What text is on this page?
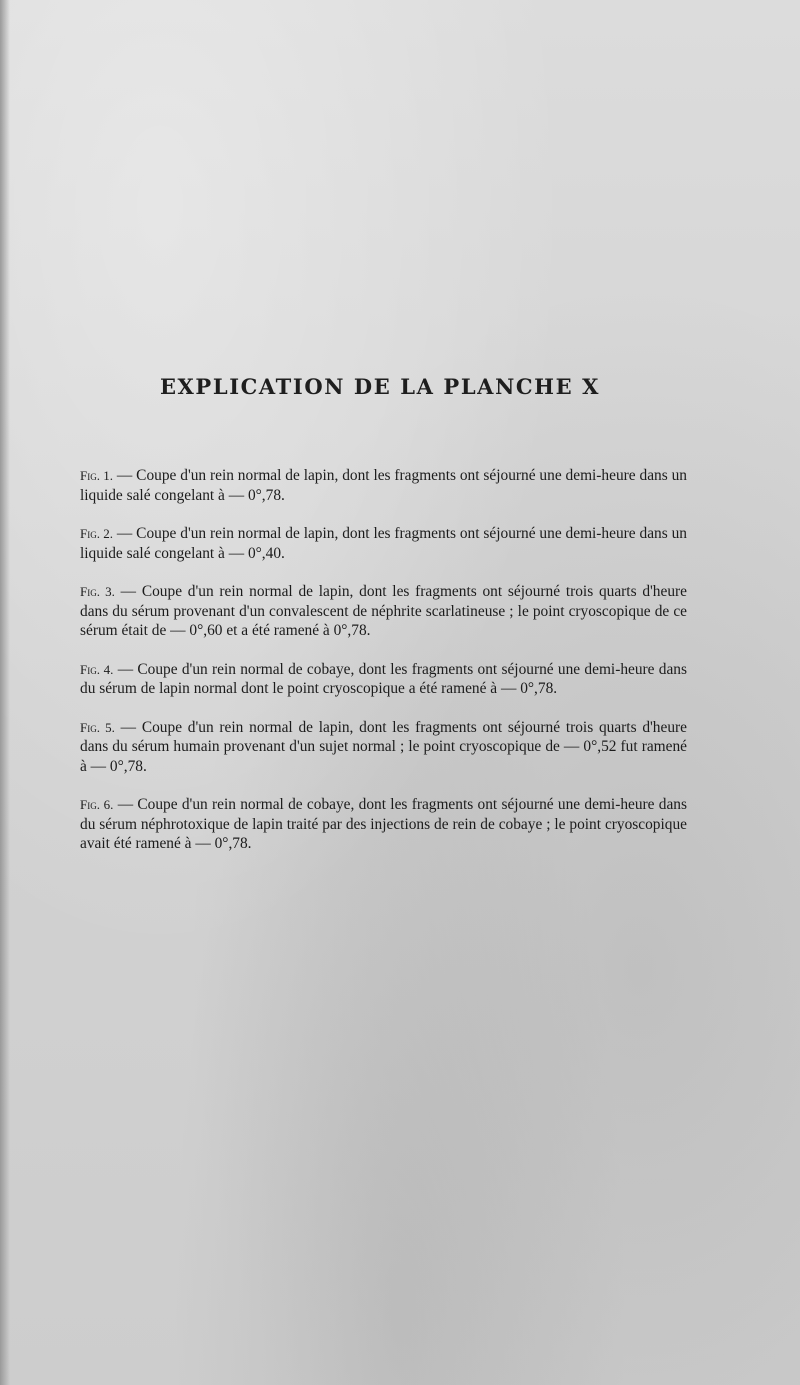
EXPLICATION DE LA PLANCHE X

Fig. 1. — Coupe d'un rein normal de lapin, dont les fragments ont séjourné une demi-heure dans un liquide salé congelant à — 0°,78.

Fig. 2. — Coupe d'un rein normal de lapin, dont les fragments ont séjourné une demi-heure dans un liquide salé congelant à — 0°,40.

Fig. 3. — Coupe d'un rein normal de lapin, dont les fragments ont séjourné trois quarts d'heure dans du sérum provenant d'un convalescent de néphrite scarlatineuse ; le point cryoscopique de ce sérum était de — 0°,60 et a été ramené à 0°,78.

Fig. 4. — Coupe d'un rein normal de cobaye, dont les fragments ont séjourné une demi-heure dans du sérum de lapin normal dont le point cryoscopique a été ramené à — 0°,78.

Fig. 5. — Coupe d'un rein normal de lapin, dont les fragments ont séjourné trois quarts d'heure dans du sérum humain provenant d'un sujet normal ; le point cryoscopique de — 0°,52 fut ramené à — 0°,78.

Fig. 6. — Coupe d'un rein normal de cobaye, dont les fragments ont séjourné une demi-heure dans du sérum néphrotoxique de lapin traité par des injections de rein de cobaye ; le point cryoscopique avait été ramené à — 0°,78.
